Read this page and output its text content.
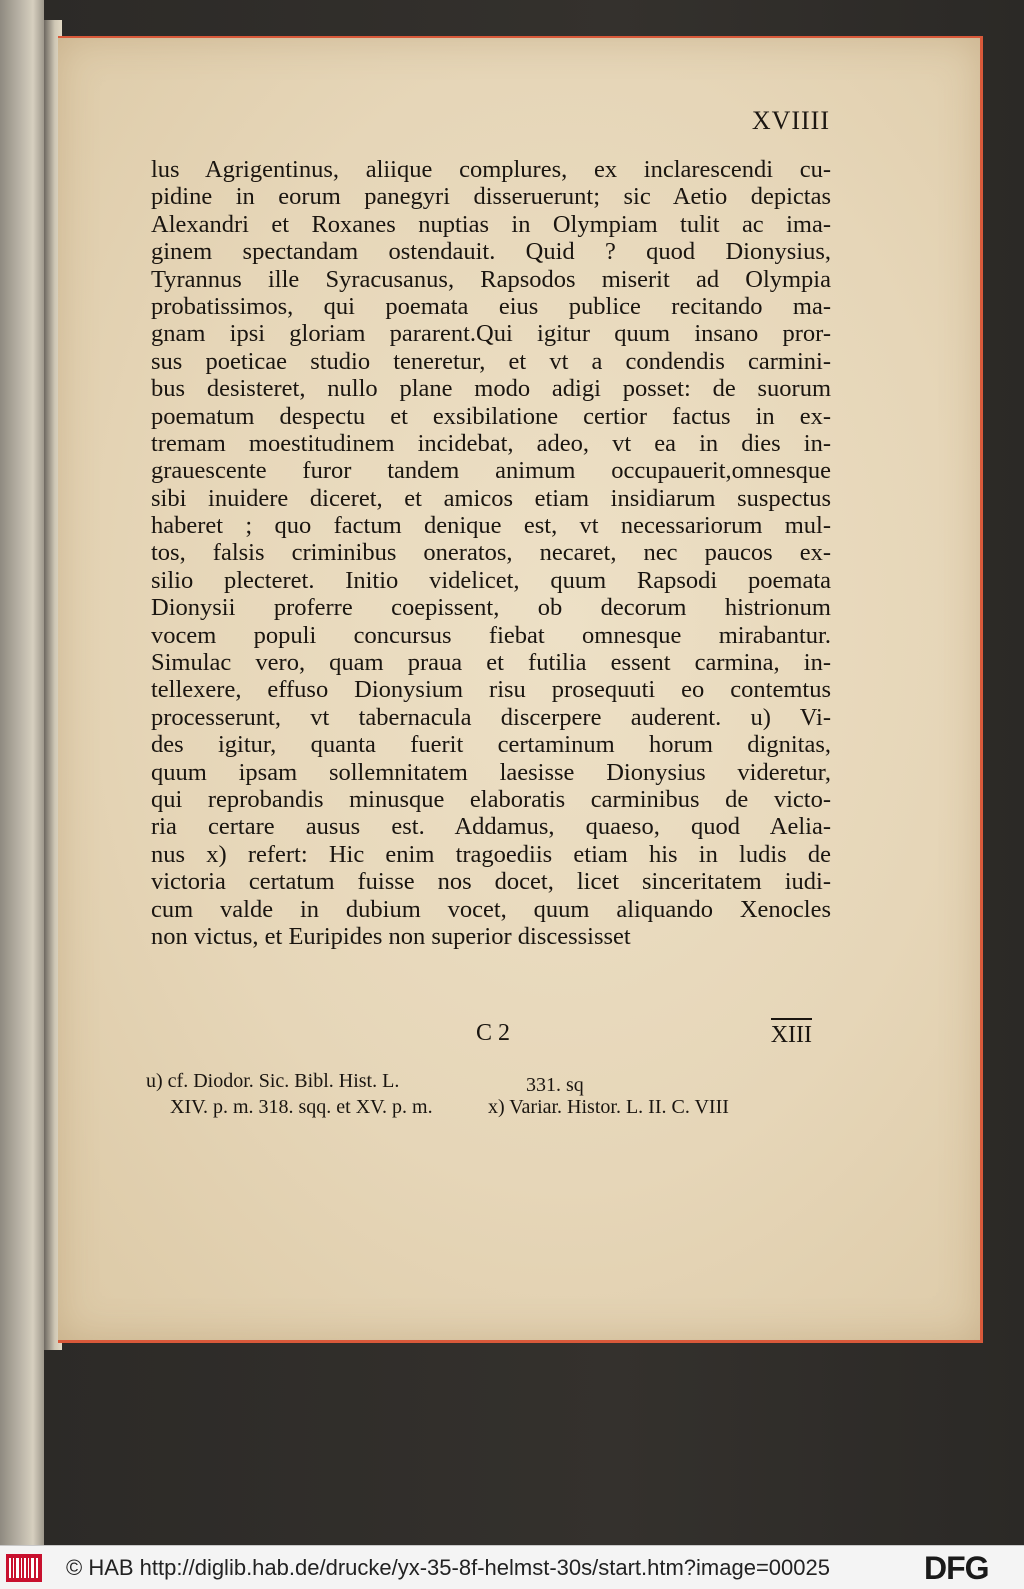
XVIIII

lus Agrigentinus, aliique complures, ex inclarescendi cu-
pidine in eorum panegyri disseruerunt; sic Aetio depictas
Alexandri et Roxanes nuptias in Olympiam tulit ac ima-
ginem spectandam ostendauit. Quid ? quod Dionysius,
Tyrannus ille Syracusanus, Rapsodos miserit ad Olympia
probatissimos, qui poemata eius publice recitando ma-
gnam ipsi gloriam pararent.Qui igitur quum insano pror-
sus poeticae studio teneretur, et vt a condendis carmini-
bus desisteret, nullo plane modo adigi posset: de suorum
poematum despectu et exsibilatione certior factus in ex-
tremam moestitudinem incidebat, adeo, vt ea in dies in-
grauescente furor tandem animum occupauerit,omnesque
sibi inuidere diceret, et amicos etiam insidiarum suspectus
haberet ; quo factum denique est, vt necessariorum mul-
tos, falsis criminibus oneratos, necaret, nec paucos ex-
silio plecteret. Initio videlicet, quum Rapsodi poemata
Dionysii proferre coepissent, ob decorum histrionum
vocem populi concursus fiebat omnesque mirabantur.
Simulac vero, quam praua et futilia essent carmina, in-
tellexere, effuso Dionysium risu prosequuti eo contemtus
processerunt, vt tabernacula discerpere auderent. u) Vi-
des igitur, quanta fuerit certaminum horum dignitas,
quum ipsam sollemnitatem laesisse Dionysius videretur,
qui reprobandis minusque elaboratis carminibus de victo-
ria certare ausus est. Addamus, quaeso, quod Aelia-
nus x) refert: Hic enim tragoediis etiam his in ludis de
victoria certatum fuisse nos docet, licet sinceritatem iudi-
cum valde in dubium vocet, quum aliquando Xenocles
non victus, et Euripides non superior discessisset

C 2	XIII

u) cf. Diodor. Sic. Bibl. Hist. L.

XIV. p. m. 318. sqq. et XV. p. m.

331. sq

x) Variar. Histor. L. II. C. VIII

© HAB http://diglib.hab.de/drucke/yx-35-8f-helmst-30s/start.htm?image=00025	DFG
